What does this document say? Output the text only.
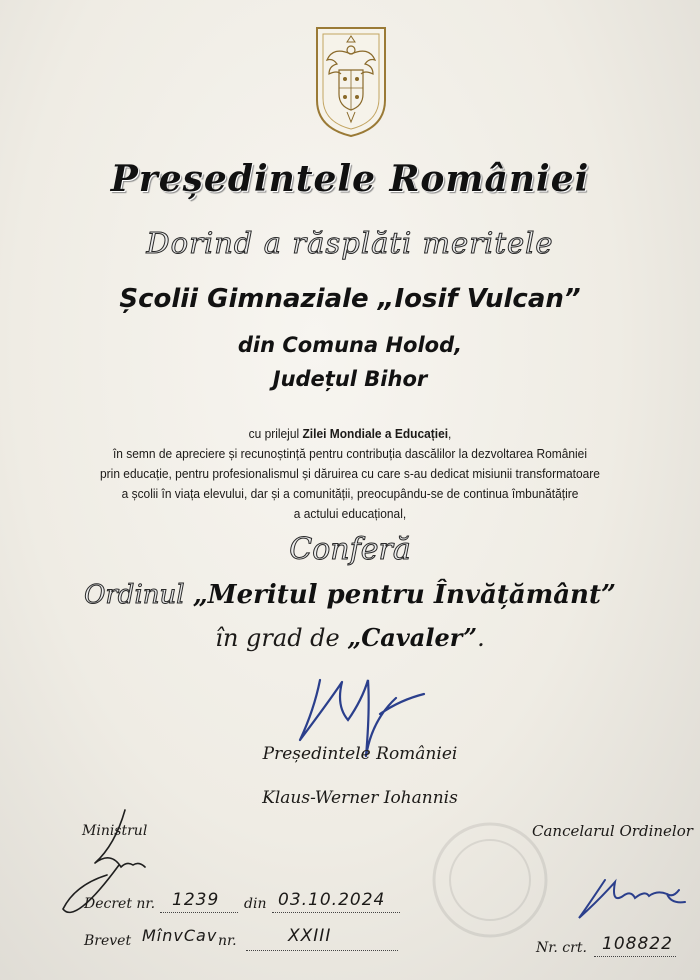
Președintele României
Dorind a răsplăti meritele
Școlii Gimnaziale „Iosif Vulcan”
din Comuna Holod,
Județul Bihor
cu prilejul Zilei Mondiale a Educației,
în semn de apreciere și recunoștință pentru contribuția dascălilor la dezvoltarea României
prin educație, pentru profesionalismul și dăruirea cu care s-au dedicat misiunii transformatoare
a școlii în viața elevului, dar și a comunității, preocupându-se de continua îmbunătățire
a actului educațional,
Conferă
Ordinul „Meritul pentru Învățământ”
în grad de „Cavaler”.
Președintele României
Klaus-Werner Iohannis
Ministrul	Cancelarul Ordinelor
Decret nr. 1239 din 03.10.2024
Brevet MînvCav nr.	XXIII
Nr. crt. 108822
